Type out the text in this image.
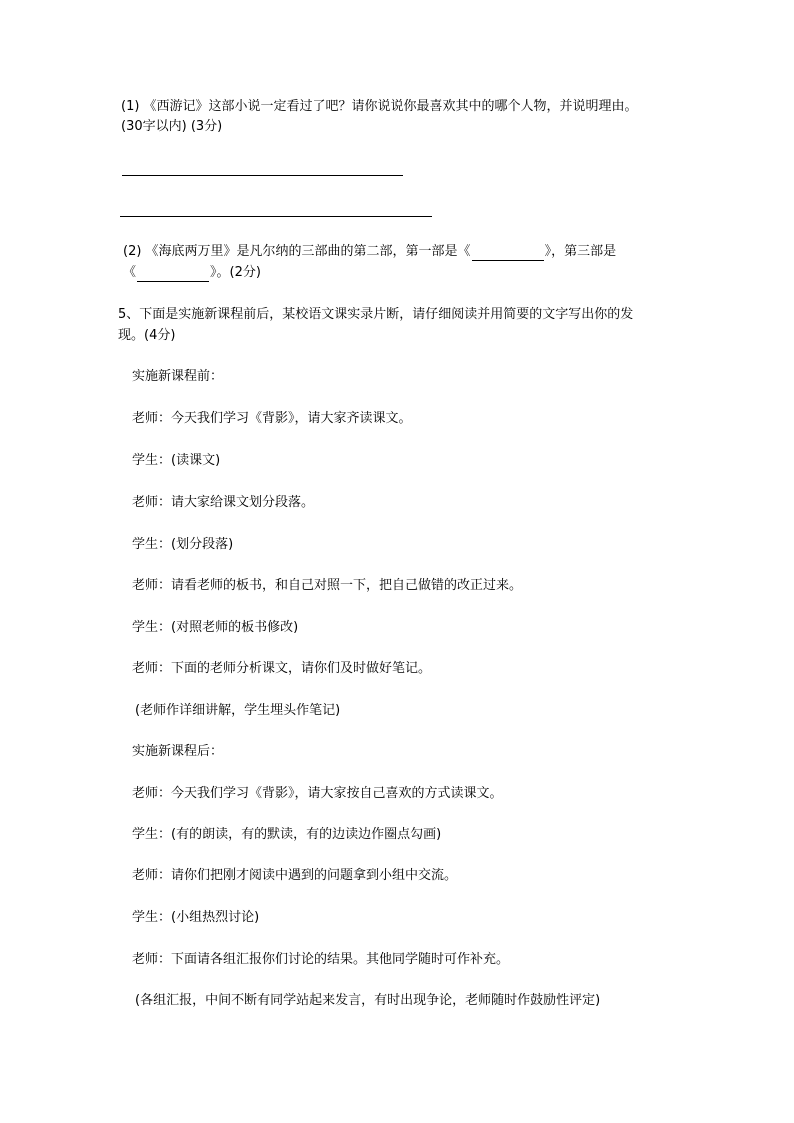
(1) 《西游记》这部小说一定看过了吧？请你说说你最喜欢其中的哪个人物，并说明理由。
(30字以内) (3分)
(2) 《海底两万里》是凡尔纳的三部曲的第二部，第一部是《	》，第三部是
《	》。(2分)
5、下面是实施新课程前后，某校语文课实录片断，请仔细阅读并用简要的文字写出你的发
现。(4分)
实施新课程前：
老师：今天我们学习《背影》，请大家齐读课文。
学生：(读课文)
老师：请大家给课文划分段落。
学生：(划分段落)
老师：请看老师的板书，和自己对照一下，把自己做错的改正过来。
学生：(对照老师的板书修改)
老师：下面的老师分析课文，请你们及时做好笔记。
(老师作详细讲解，学生埋头作笔记)
实施新课程后：
老师：今天我们学习《背影》，请大家按自己喜欢的方式读课文。
学生：(有的朗读，有的默读，有的边读边作圈点勾画)
老师：请你们把刚才阅读中遇到的问题拿到小组中交流。
学生：(小组热烈讨论)
老师：下面请各组汇报你们讨论的结果。其他同学随时可作补充。
(各组汇报，中间不断有同学站起来发言，有时出现争论，老师随时作鼓励性评定)
